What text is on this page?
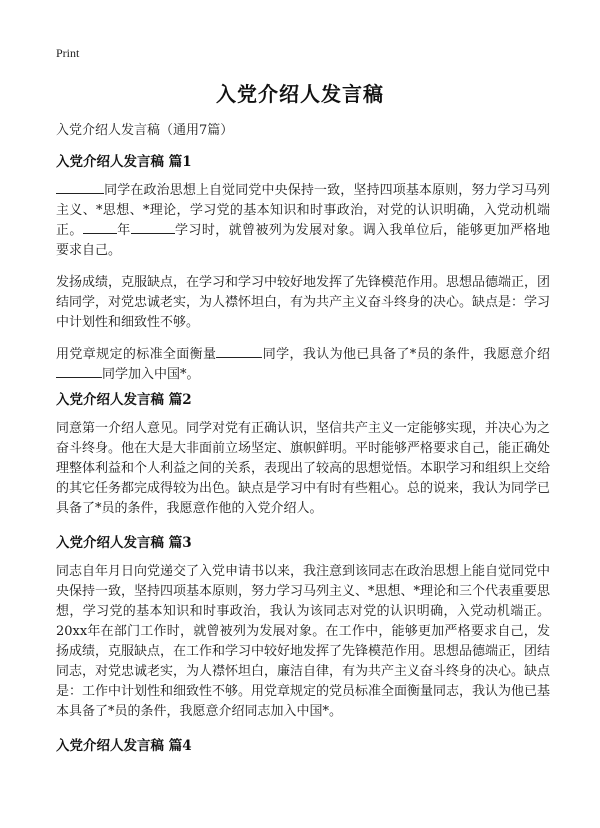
Print
入党介绍人发言稿
入党介绍人发言稿（通用7篇）
入党介绍人发言稿 篇1

同学在政治思想上自觉同党中央保持一致，坚持四项基本原则，努力学习马列主义、*思想、*理论，学习党的基本知识和时事政治，对党的认识明确，入党动机端正。	年	学习时，就曾被列为发展对象。调入我单位后，能够更加严格地要求自己。

发扬成绩，克服缺点，在学习和学习中较好地发挥了先锋模范作用。思想品德端正，团结同学，对党忠诚老实，为人襟怀坦白，有为共产主义奋斗终身的决心。缺点是：学习中计划性和细致性不够。

用党章规定的标准全面衡量	同学，我认为他已具备了*员的条件，我愿意介绍同学加入中国*。

入党介绍人发言稿 篇2

同意第一介绍人意见。同学对党有正确认识，坚信共产主义一定能够实现，并决心为之奋斗终身。他在大是大非面前立场坚定、旗帜鲜明。平时能够严格要求自己，能正确处理整体利益和个人利益之间的关系，表现出了较高的思想觉悟。本职学习和组织上交给的其它任务都完成得较为出色。缺点是学习中有时有些粗心。总的说来，我认为同学已具备了*员的条件，我愿意作他的入党介绍人。

入党介绍人发言稿 篇3

同志自年月日向党递交了入党申请书以来，我注意到该同志在政治思想上能自觉同党中央保持一致，坚持四项基本原则，努力学习马列主义、*思想、*理论和三个代表重要思想，学习党的基本知识和时事政治，我认为该同志对党的认识明确，入党动机端正。20xx年在部门工作时，就曾被列为发展对象。在工作中，能够更加严格要求自己，发扬成绩，克服缺点，在工作和学习中较好地发挥了先锋模范作用。思想品德端正，团结同志，对党忠诚老实，为人襟怀坦白，廉洁自律，有为共产主义奋斗终身的决心。缺点是：工作中计划性和细致性不够。用党章规定的党员标准全面衡量同志，我认为他已基本具备了*员的条件，我愿意介绍同志加入中国*。

入党介绍人发言稿 篇4
